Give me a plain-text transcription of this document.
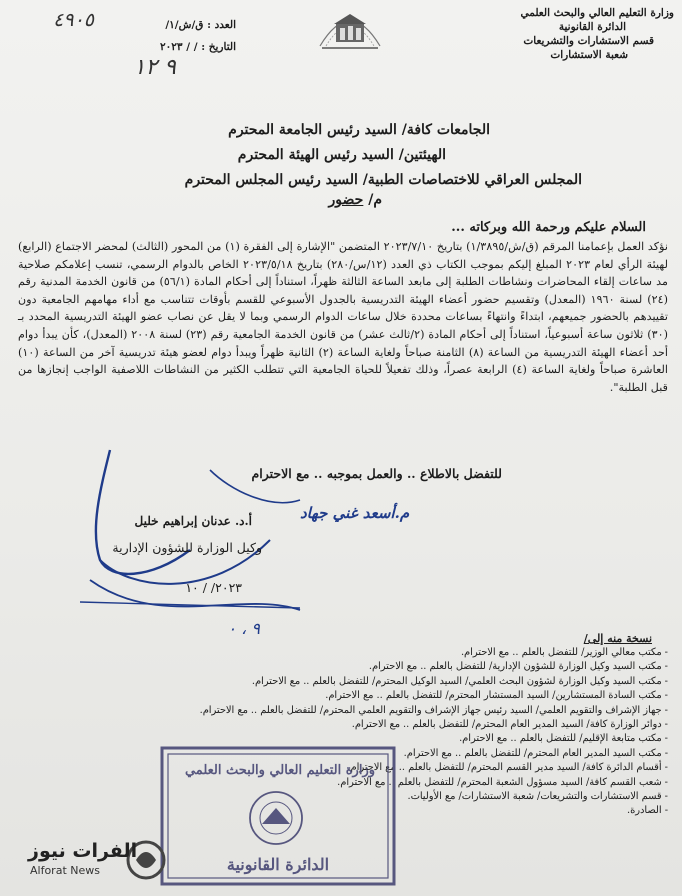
وزارة التعليم العالي والبحث العلمي
الدائرة القانونية
قسم الاستشارات والتشريعات
شعبة الاستشارات
العدد : ق/ش/١/
التاريخ : / / ٢٠٢٣
٤٩٠٥
٩ ١٢
الجامعات كافة/ السيد رئيس الجامعة المحترم
الهيئتين/ السيد رئيس الهيئة المحترم
المجلس العراقي للاختصاصات الطبية/ السيد رئيس المجلس المحترم
م/ حضور
السلام عليكم ورحمة الله وبركاته ...
نؤكد العمل بإعمامنا المرقم (ق/ش/١/٣٨٩٥) بتاريخ ٢٠٢٣/٧/١٠ المتضمن "الإشارة إلى الفقرة (١) من المحور (الثالث) لمحضر الاجتماع (الرابع) لهيئة الرأي لعام ٢٠٢٣ المبلغ إليكم بموجب الكتاب ذي العدد (١٢/س/٢٨٠) بتاريخ ٢٠٢٣/٥/١٨ الخاص بالدوام الرسمي، تنسب إعلامكم صلاحية مد ساعات إلقاء المحاضرات ونشاطات الطلبة إلى مابعد الساعة الثالثة ظهراً، استناداً إلى أحكام المادة (٥٦/١) من قانون الخدمة المدنية رقم (٢٤) لسنة ١٩٦٠ (المعدل) وتقسيم حضور أعضاء الهيئة التدريسية بالجدول الأسبوعي للقسم بأوقات تتناسب مع أداء مهامهم الجامعية دون تقييدهم بالحضور جميعهم، ابتداءً وانتهاءً بساعات محددة خلال ساعات الدوام الرسمي وبما لا يقل عن نصاب عضو الهيئة التدريسية المحدد بـ (٣٠) ثلاثون ساعة أسبوعياً، استناداً إلى أحكام المادة (٢/ثالث عشر) من قانون الخدمة الجامعية رقم (٢٣) لسنة ٢٠٠٨ (المعدل)، كأن يبدأ دوام أحد أعضاء الهيئة التدريسية من الساعة (٨) الثامنة صباحاً ولغاية الساعة (٢) الثانية ظهراً ويبدأ دوام لعضو هيئة تدريسية آخر من الساعة (١٠) العاشرة صباحاً ولغاية الساعة (٤) الرابعة عصراً، وذلك تفعيلاً للحياة الجامعية التي تتطلب الكثير من النشاطات اللاصفية الواجب إنجازها من قبل الطلبة".
للتفضل بالاطلاع .. والعمل بموجبه .. مع الاحترام
م.أسعد غني جهاد
٩ ، ٠
أ.د. عدنان إبراهيم خليل
وكيل الوزارة للشؤون الإدارية
٢٠٢٣/ / ١٠
نسخة منه إلى/
- مكتب معالي الوزير/ للتفضل بالعلم .. مع الاحترام.
- مكتب السيد وكيل الوزارة للشؤون الإدارية/ للتفضل بالعلم .. مع الاحترام.
- مكتب السيد وكيل الوزارة لشؤون البحث العلمي/ السيد الوكيل المحترم/ للتفضل بالعلم .. مع الاحترام.
- مكتب السادة المستشارين/ السيد المستشار المحترم/ للتفضل بالعلم .. مع الاحترام.
- جهاز الإشراف والتقويم العلمي/ السيد رئيس جهاز الإشراف والتقويم العلمي المحترم/ للتفضل بالعلم .. مع الاحترام.
- دوائر الوزارة كافة/ السيد المدير العام المحترم/ للتفضل بالعلم .. مع الاحترام.
- مكتب متابعة الإقليم/ للتفضل بالعلم .. مع الاحترام.
- مكتب السيد المدير العام المحترم/ للتفضل بالعلم .. مع الاحترام.
- أقسام الدائرة كافة/ السيد مدير القسم المحترم/ للتفضل بالعلم .. مع الاحترام.
- شعب القسم كافة/ السيد مسؤول الشعبة المحترم/ للتفضل بالعلم .. مع الاحترام.
- قسم الاستشارات والتشريعات/ شعبة الاستشارات/ مع الأوليات.
- الصادرة.
وزارة التعليم العالي والبحث العلمي
الدائرة القانونية
الفرات نيوز
Alforat News
